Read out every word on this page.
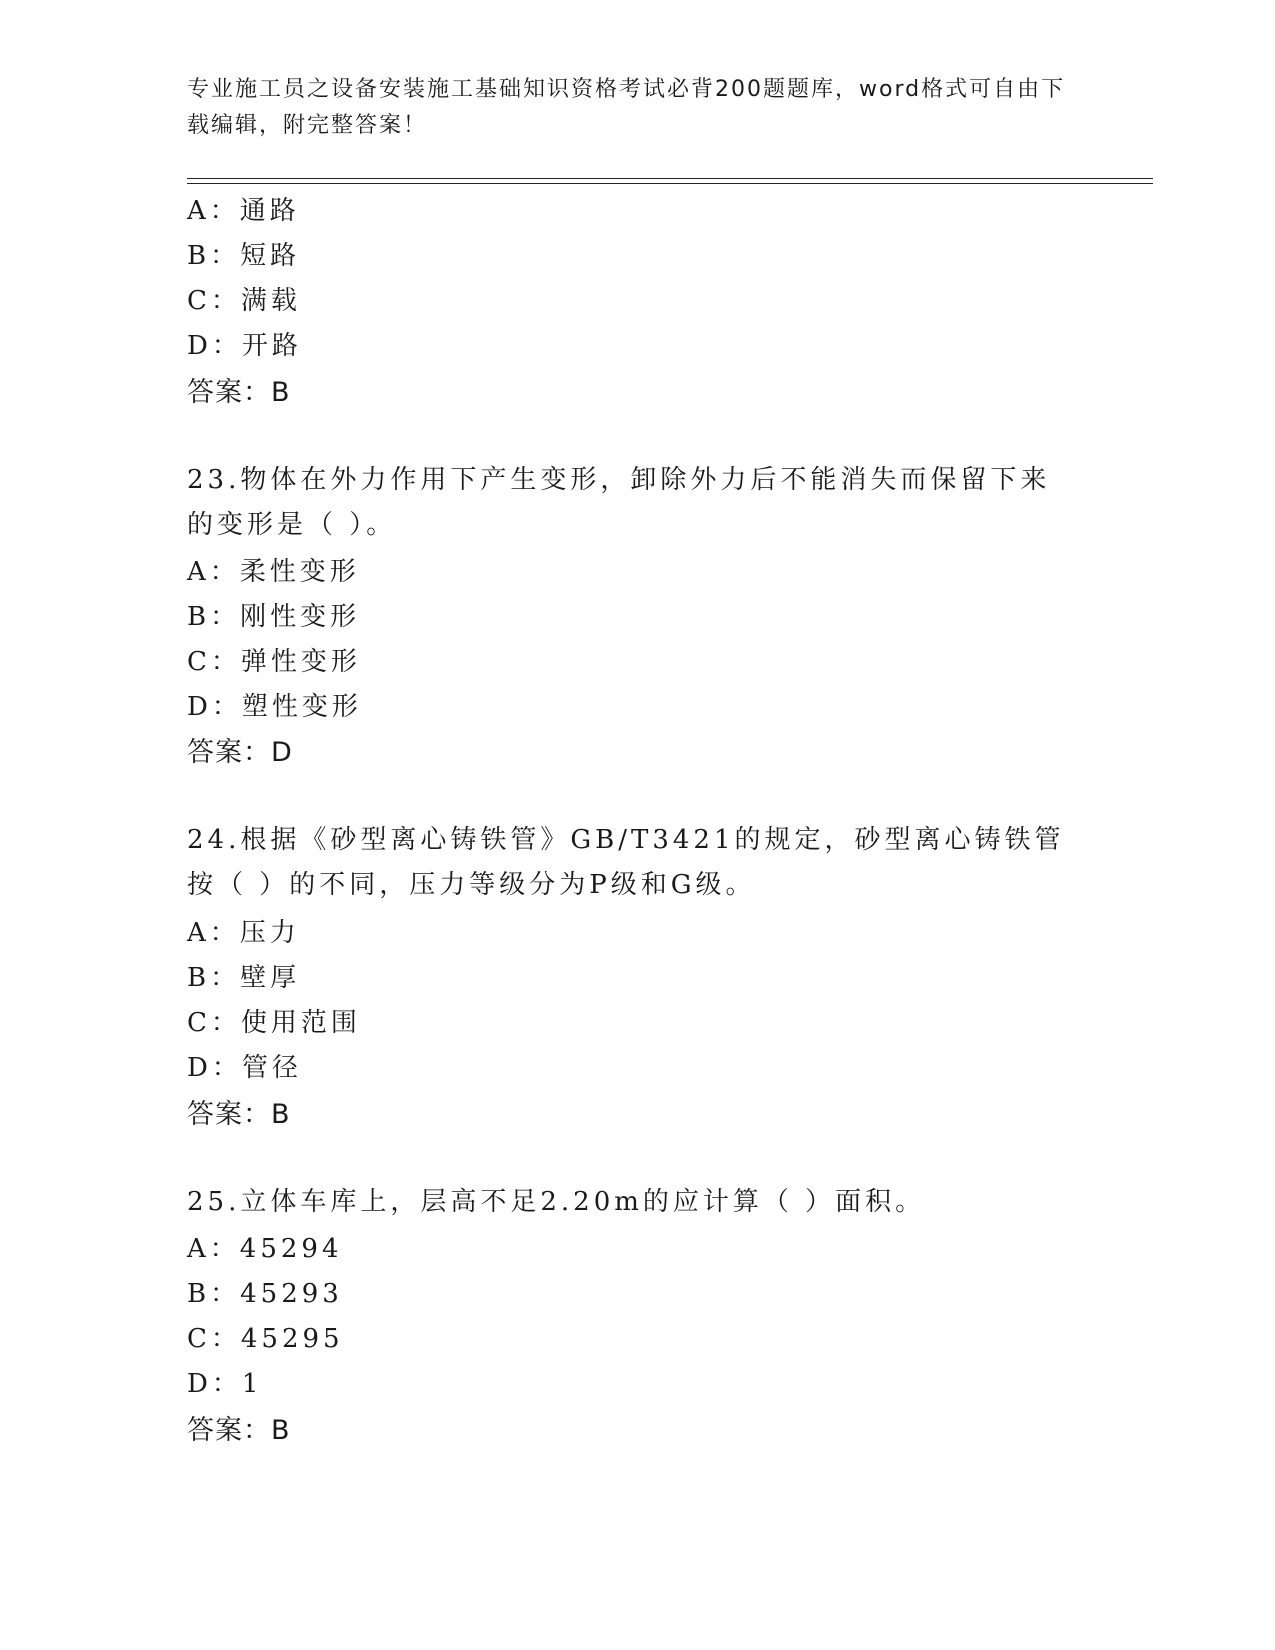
专业施工员之设备安装施工基础知识资格考试必背200题题库，word格式可自由下载编辑，附完整答案！
A：通路
B：短路
C：满载
D：开路
答案：B
23.物体在外力作用下产生变形，卸除外力后不能消失而保留下来的变形是（ ）。
A：柔性变形
B：刚性变形
C：弹性变形
D：塑性变形
答案：D
24.根据《砂型离心铸铁管》GB/T3421的规定，砂型离心铸铁管按（ ）的不同，压力等级分为P级和G级。
A：压力
B：壁厚
C：使用范围
D：管径
答案：B
25.立体车库上，层高不足2.20m的应计算（ ）面积。
A：45294
B：45293
C：45295
D：1
答案：B
